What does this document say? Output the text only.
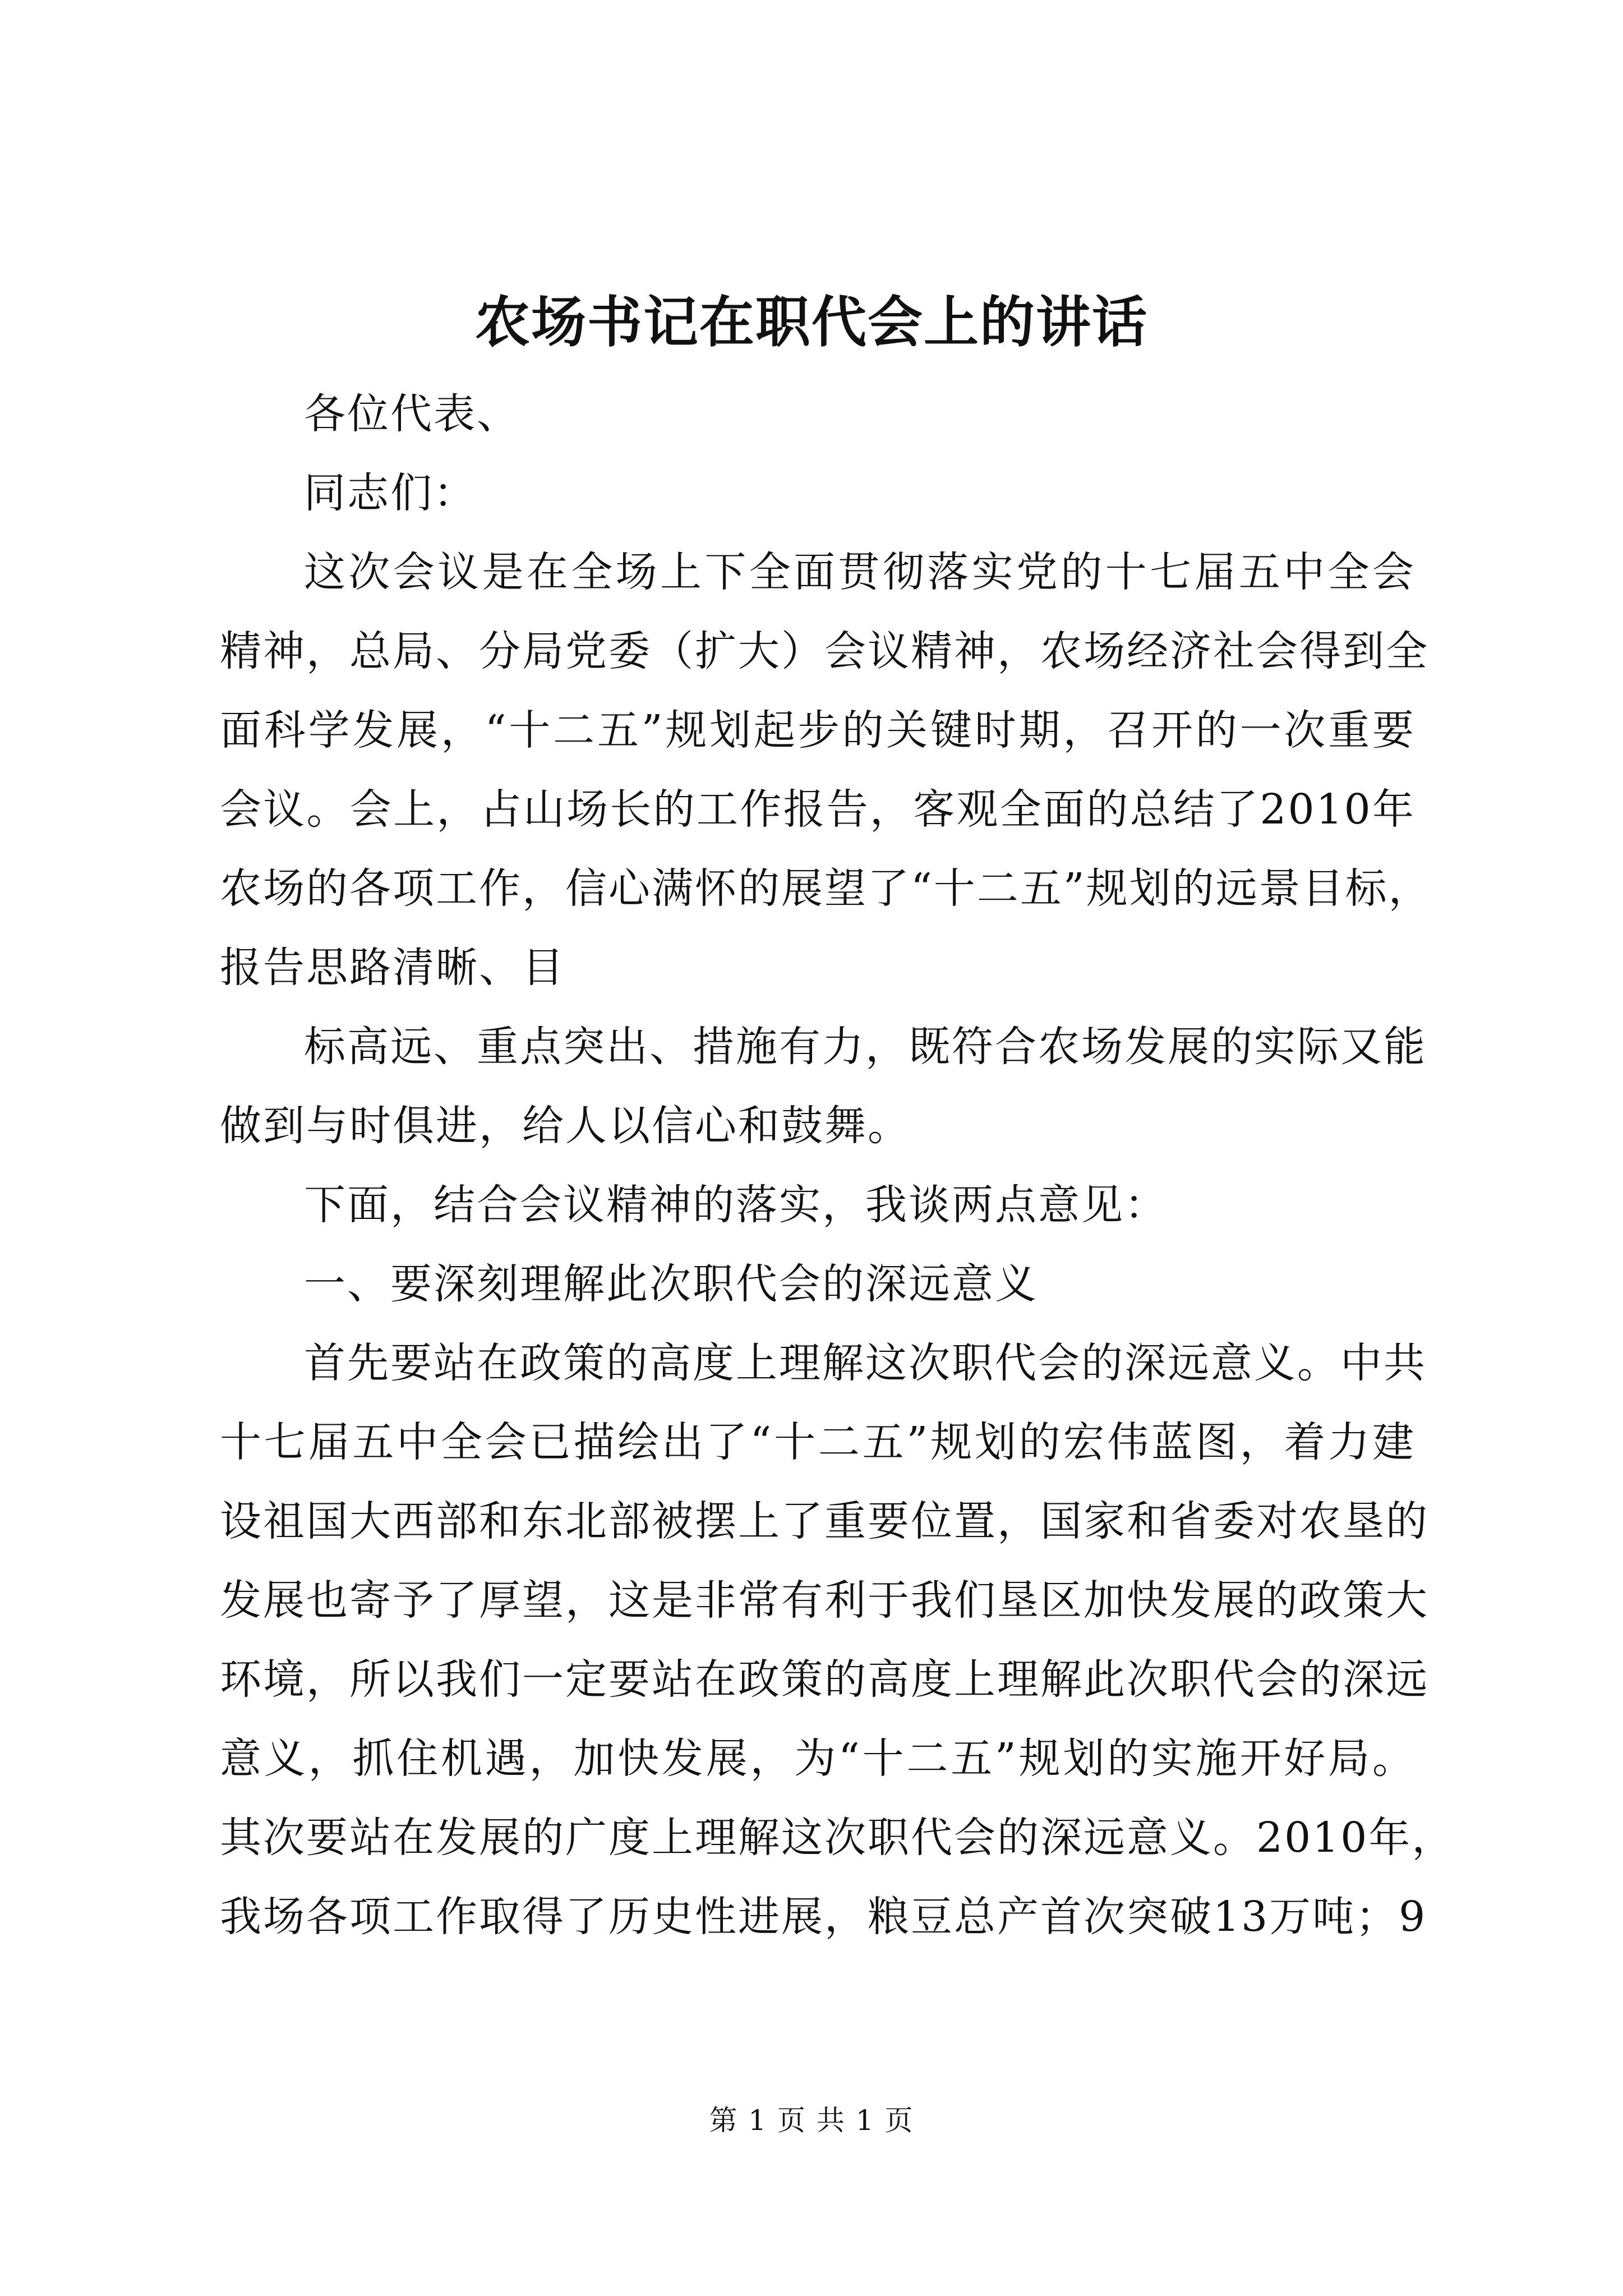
农场书记在职代会上的讲话
各位代表、
同志们：
这次会议是在全场上下全面贯彻落实党的十七届五中全会
精神，总局、分局党委（扩大）会议精神，农场经济社会得到全
面科学发展，“十二五”规划起步的关键时期，召开的一次重要
会议。会上，占山场长的工作报告，客观全面的总结了2010年
农场的各项工作，信心满怀的展望了“十二五”规划的远景目标，
报告思路清晰、目
标高远、重点突出、措施有力，既符合农场发展的实际又能
做到与时俱进，给人以信心和鼓舞。
下面，结合会议精神的落实，我谈两点意见：
一、要深刻理解此次职代会的深远意义
首先要站在政策的高度上理解这次职代会的深远意义。中共
十七届五中全会已描绘出了“十二五”规划的宏伟蓝图，着力建
设祖国大西部和东北部被摆上了重要位置，国家和省委对农垦的
发展也寄予了厚望，这是非常有利于我们垦区加快发展的政策大
环境，所以我们一定要站在政策的高度上理解此次职代会的深远
意义，抓住机遇，加快发展，为“十二五”规划的实施开好局。
其次要站在发展的广度上理解这次职代会的深远意义。2010年，
我场各项工作取得了历史性进展，粮豆总产首次突破13万吨；9
第 1 页 共 1 页
